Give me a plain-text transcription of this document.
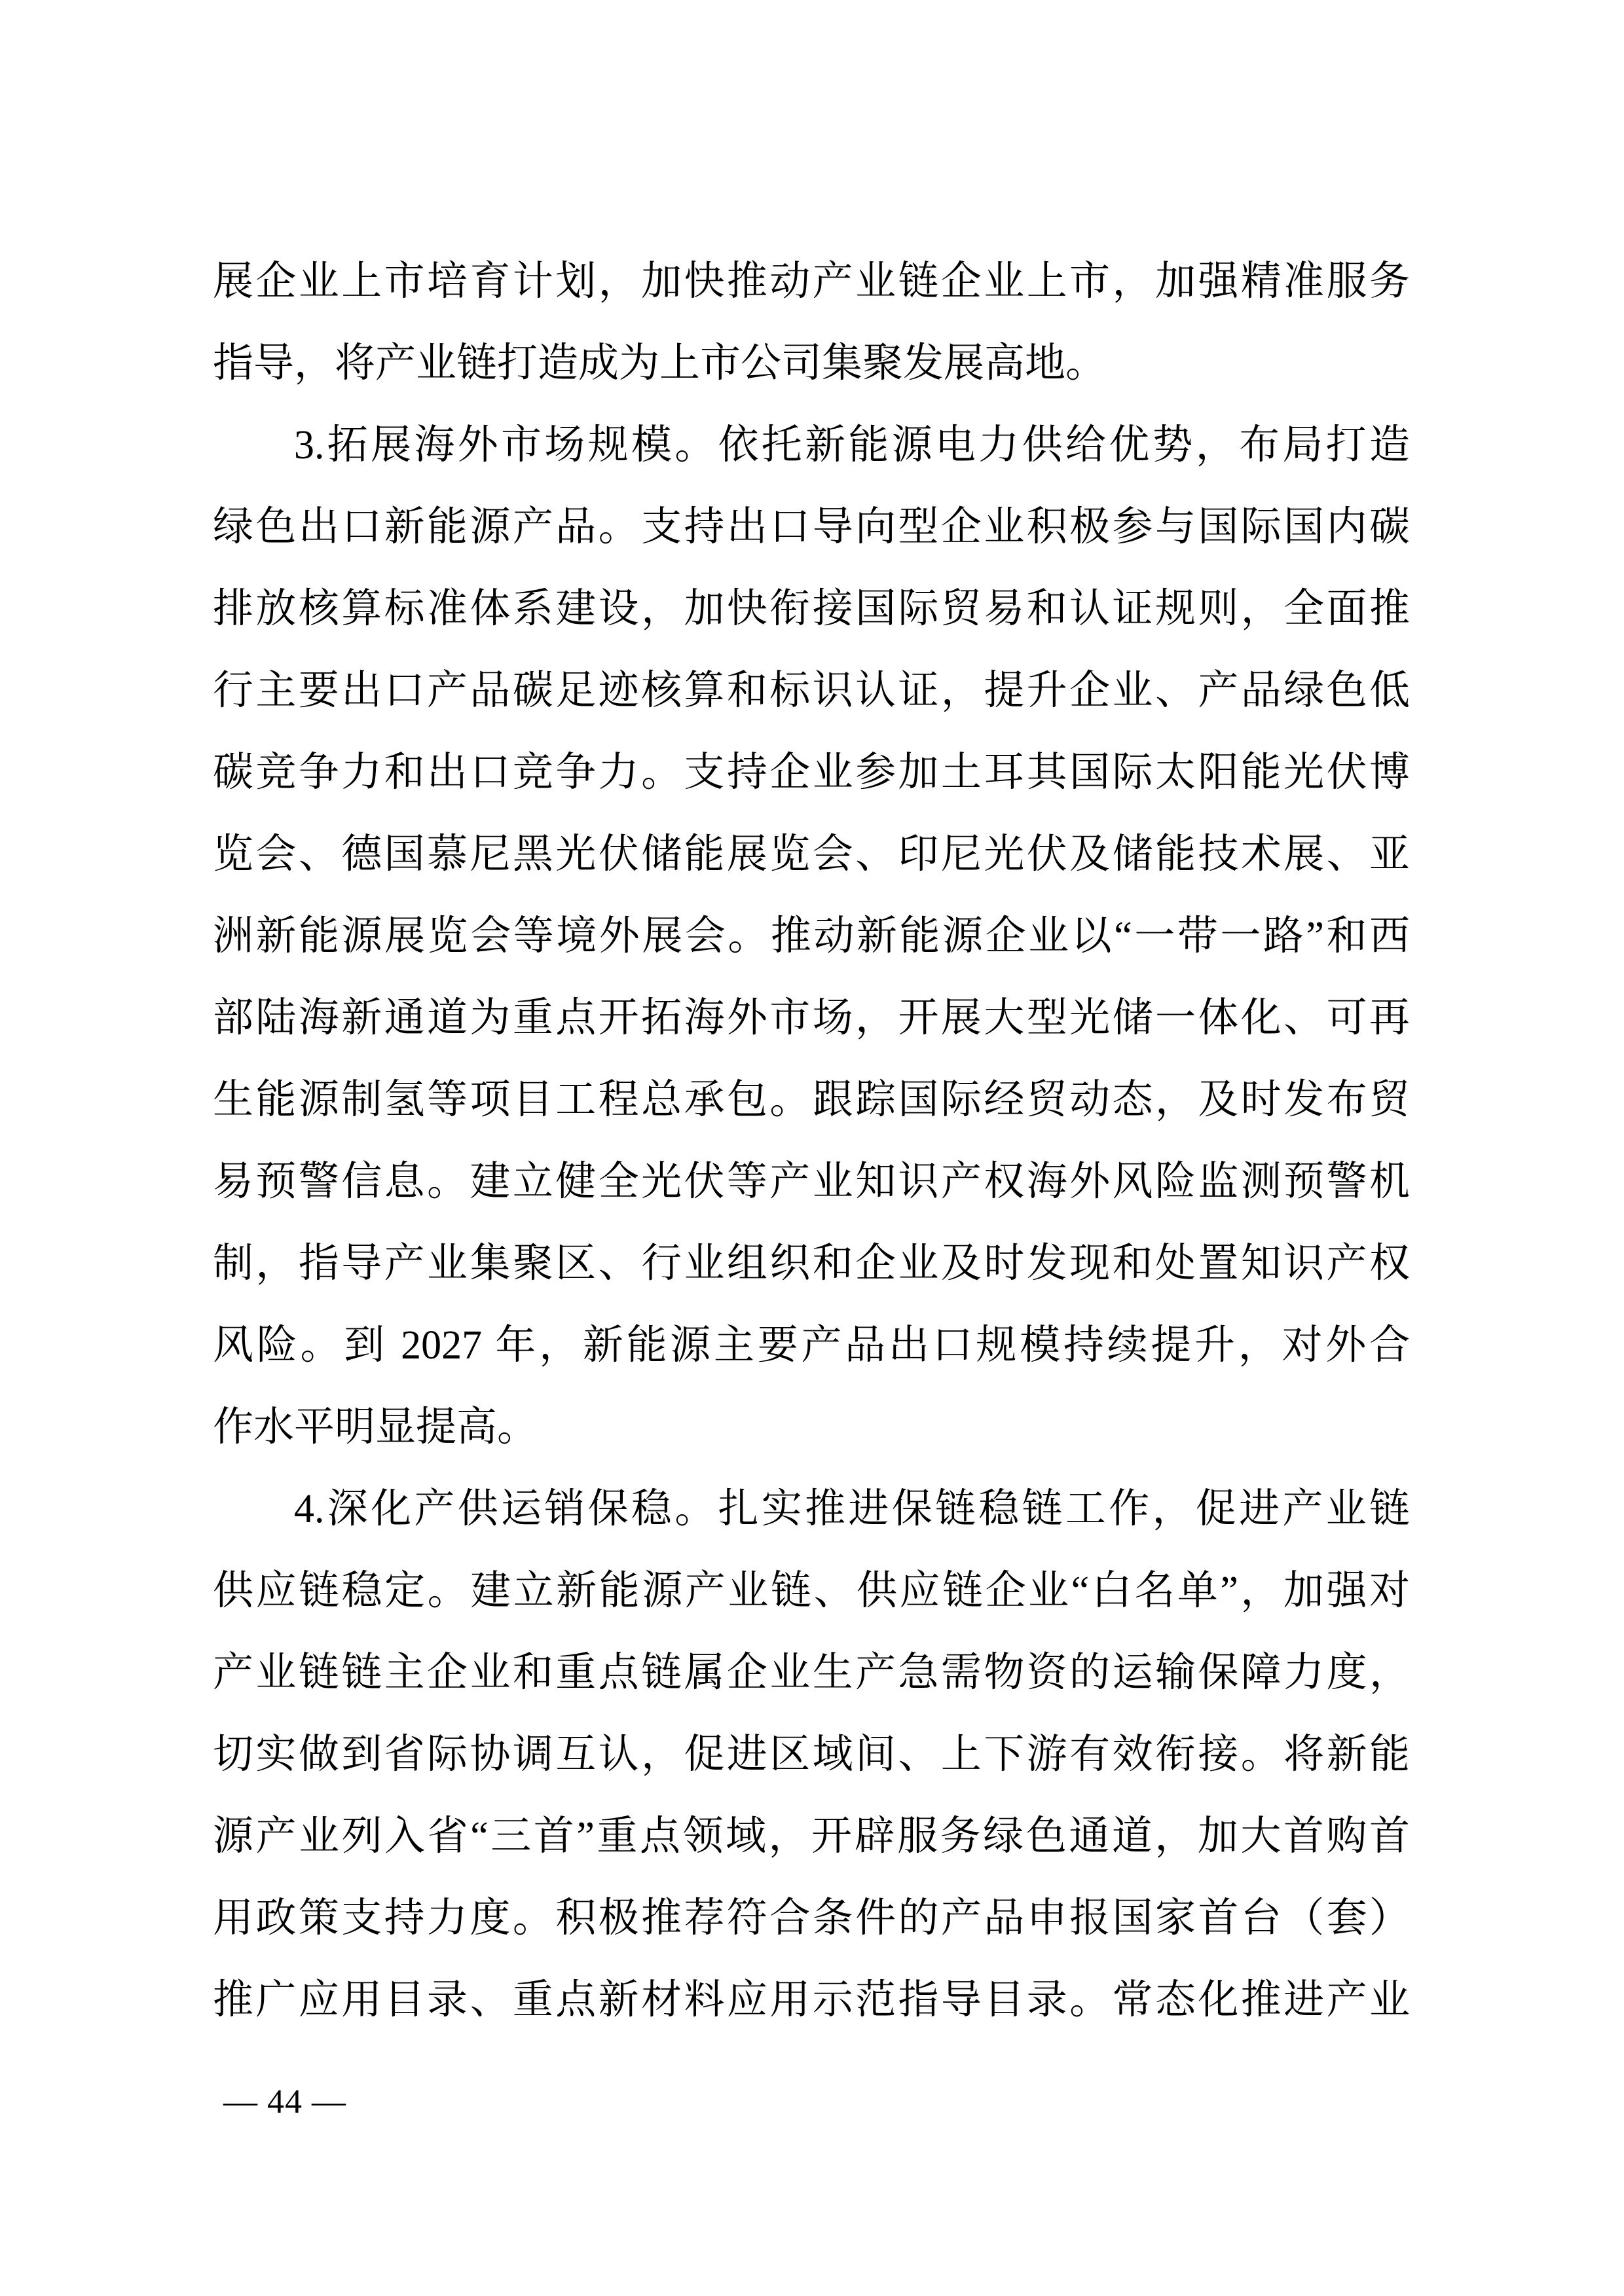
展企业上市培育计划，加快推动产业链企业上市，加强精准服务
指导，将产业链打造成为上市公司集聚发展高地。
3.拓展海外市场规模。依托新能源电力供给优势，布局打造
绿色出口新能源产品。支持出口导向型企业积极参与国际国内碳
排放核算标准体系建设，加快衔接国际贸易和认证规则，全面推
行主要出口产品碳足迹核算和标识认证，提升企业、产品绿色低
碳竞争力和出口竞争力。支持企业参加土耳其国际太阳能光伏博
览会、德国慕尼黑光伏储能展览会、印尼光伏及储能技术展、亚
洲新能源展览会等境外展会。推动新能源企业以“一带一路”和西
部陆海新通道为重点开拓海外市场，开展大型光储一体化、可再
生能源制氢等项目工程总承包。跟踪国际经贸动态，及时发布贸
易预警信息。建立健全光伏等产业知识产权海外风险监测预警机
制，指导产业集聚区、行业组织和企业及时发现和处置知识产权
风险。到 2027 年，新能源主要产品出口规模持续提升，对外合
作水平明显提高。
4.深化产供运销保稳。扎实推进保链稳链工作，促进产业链
供应链稳定。建立新能源产业链、供应链企业“白名单”，加强对
产业链链主企业和重点链属企业生产急需物资的运输保障力度，
切实做到省际协调互认，促进区域间、上下游有效衔接。将新能
源产业列入省“三首”重点领域，开辟服务绿色通道，加大首购首
用政策支持力度。积极推荐符合条件的产品申报国家首台（套）
推广应用目录、重点新材料应用示范指导目录。常态化推进产业
— 44 —
